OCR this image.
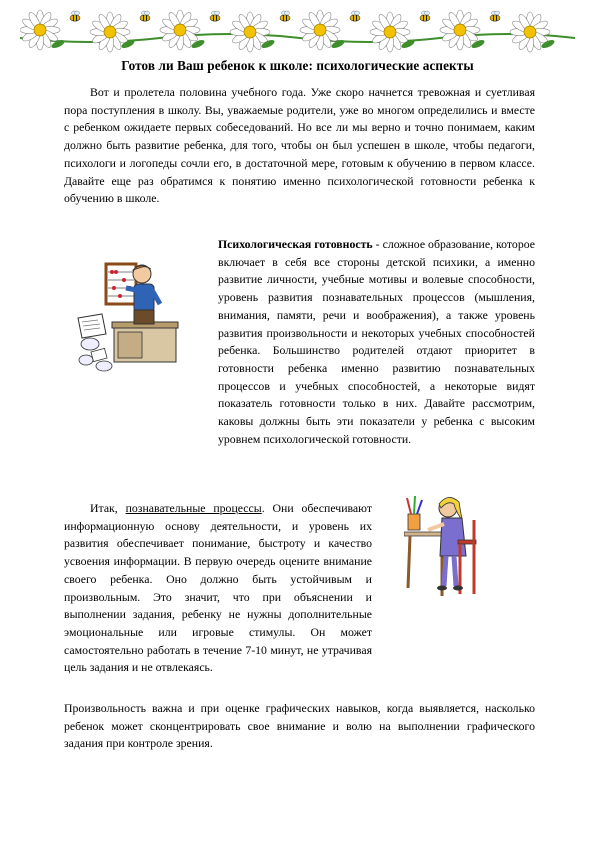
Готов ли Ваш ребенок к школе: психологические аспекты

Вот и пролетела половина учебного года. Уже скоро начнется тревожная и суетливая пора поступления в школу. Вы, уважаемые родители, уже во многом определились и вместе с ребенком ожидаете первых собеседований. Но все ли мы верно и точно понимаем, каким должно быть развитие ребенка, для того, чтобы он был успешен в школе, чтобы педагоги, психологи и логопеды сочли его, в достаточной мере, готовым к обучению в первом классе. Давайте еще раз обратимся к понятию именно психологической готовности ребенка к обучению в школе.

Психологическая готовность - сложное образование, которое включает в себя все стороны детской психики, а именно развитие личности, учебные мотивы и волевые способности, уровень развития познавательных процессов (мышления, внимания, памяти, речи и воображения), а также уровень развития произвольности и некоторых учебных способностей ребенка. Большинство родителей отдают приоритет в готовности ребенка именно развитию познавательных процессов и учебных способностей, а некоторые видят показатель готовности только в них. Давайте рассмотрим, каковы должны быть эти показатели у ребенка с высоким уровнем психологической готовности.

Итак, познавательные процессы. Они обеспечивают информационную основу деятельности, и уровень их развития обеспечивает понимание, быстроту и качество усвоения информации. В первую очередь оцените внимание своего ребенка. Оно должно быть устойчивым и произвольным. Это значит, что при объяснении и выполнении задания, ребенку не нужны дополнительные эмоциональные или игровые стимулы. Он может самостоятельно работать в течение 7-10 минут, не утрачивая цель задания и не отвлекаясь.

Произвольность важна и при оценке графических навыков, когда выявляется, насколько ребенок может сконцентрировать свое внимание и волю на выполнении графического задания при контроле зрения.
